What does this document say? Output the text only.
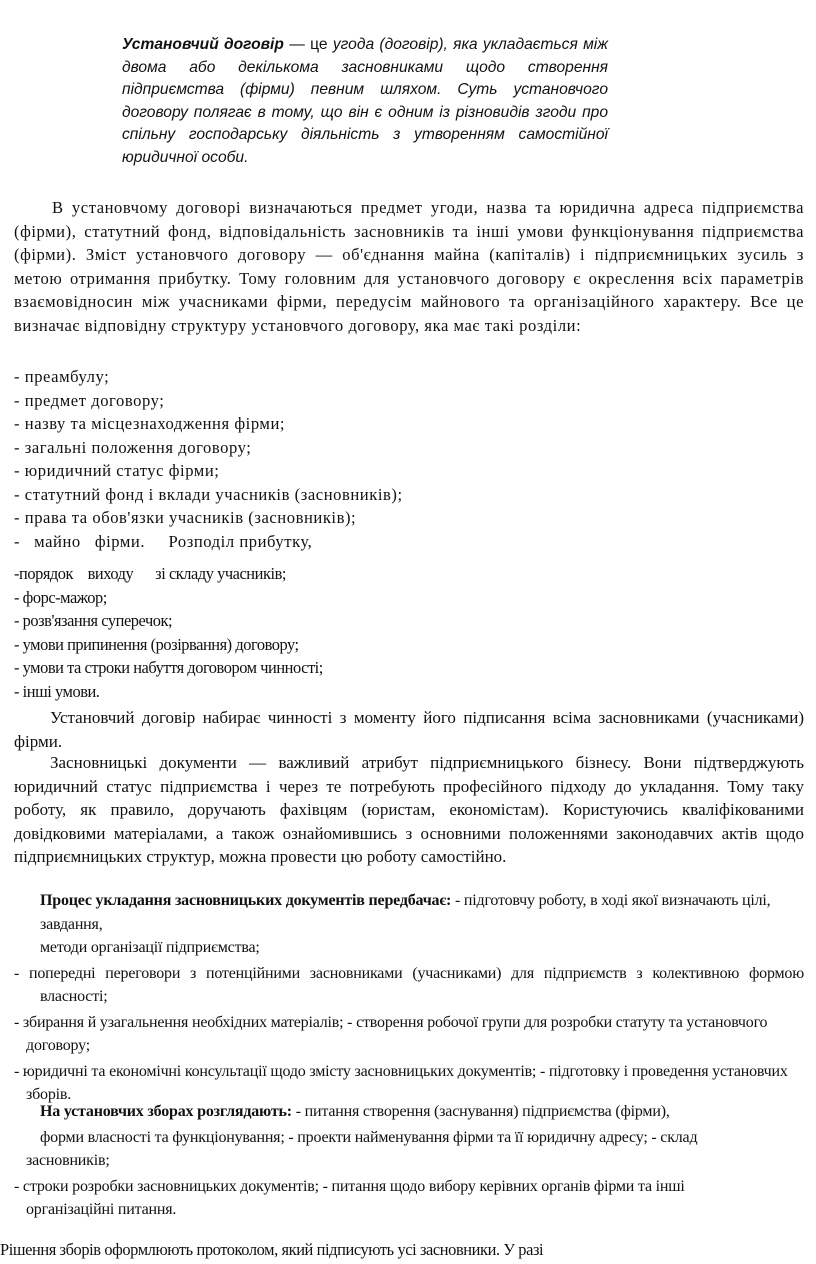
Установчий договір — це угода (договір), яка укладається між двома або декількома засновниками щодо створення підприємства (фірми) певним шляхом. Суть установчого договору полягає в тому, що він є одним із різновидів згоди про спільну господарську діяльність з утворенням самостійної юридичної особи.
В установчому договорі визначаються предмет угоди, назва та юридична адреса підприємства (фірми), статутний фонд, відповідальність засновників та інші умови функціонування підприємства (фірми). Зміст установчого договору — об'єднання майна (капіталів) і підприємницьких зусиль з метою отримання прибутку. Тому головним для установчого договору є окреслення всіх параметрів взаємовідносин між учасниками фірми, передусім майнового та організаційного характеру. Все це визначає відповідну структуру установчого договору, яка має такі розділи:
- преамбулу;
- предмет договору;
- назву та місцезнаходження фірми;
- загальні положення договору;
- юридичний статус фірми;
- статутний фонд і вклади учасників (засновників);
- права та обов'язки учасників (засновників);
-   майно   фірми.     Розподіл прибутку,
-порядок    виходу      зі складу учасників;
- форс-мажор;
- розв'язання суперечок;
- умови припинення (розірвання) договору;
- умови та строки набуття договором чинності;
- інші умови.
Установчий договір набирає чинності з моменту його підписання всіма засновниками (учасниками) фірми.
Засновницькі документи — важливий атрибут підприємницького бізнесу. Вони підтверджують юридичний статус підприємства і через те потребують професійного підходу до укладання. Тому таку роботу, як правило, доручають фахівцям (юристам, економістам). Користуючись кваліфікованими довідковими матеріалами, а також ознайомившись з основними положеннями законодавчих актів щодо підприємницьких структур, можна провести цю роботу самостійно.
Процес укладання засновницьких документів передбачає: - підготовчу роботу, в ході якої визначають цілі, завдання,
методи організації підприємства;
- попередні переговори з потенційними засновниками (учасниками) для підприємств з колективною формою власності;
- збирання й узагальнення необхідних матеріалів; - створення робочої групи для розробки статуту та установчого договору;
- юридичні та економічні консультації щодо змісту засновницьких документів; - підготовку і проведення установчих зборів.
На установчих зборах розглядають: - питання створення (заснування) підприємства (фірми),
форми власності та функціонування; - проекти найменування фірми та її юридичну адресу; - склад засновників;
- строки розробки засновницьких документів; - питання щодо вибору керівних органів фірми та інші організаційні питання.
Рішення зборів оформлюють протоколом, який підписують усі засновники. У разі
